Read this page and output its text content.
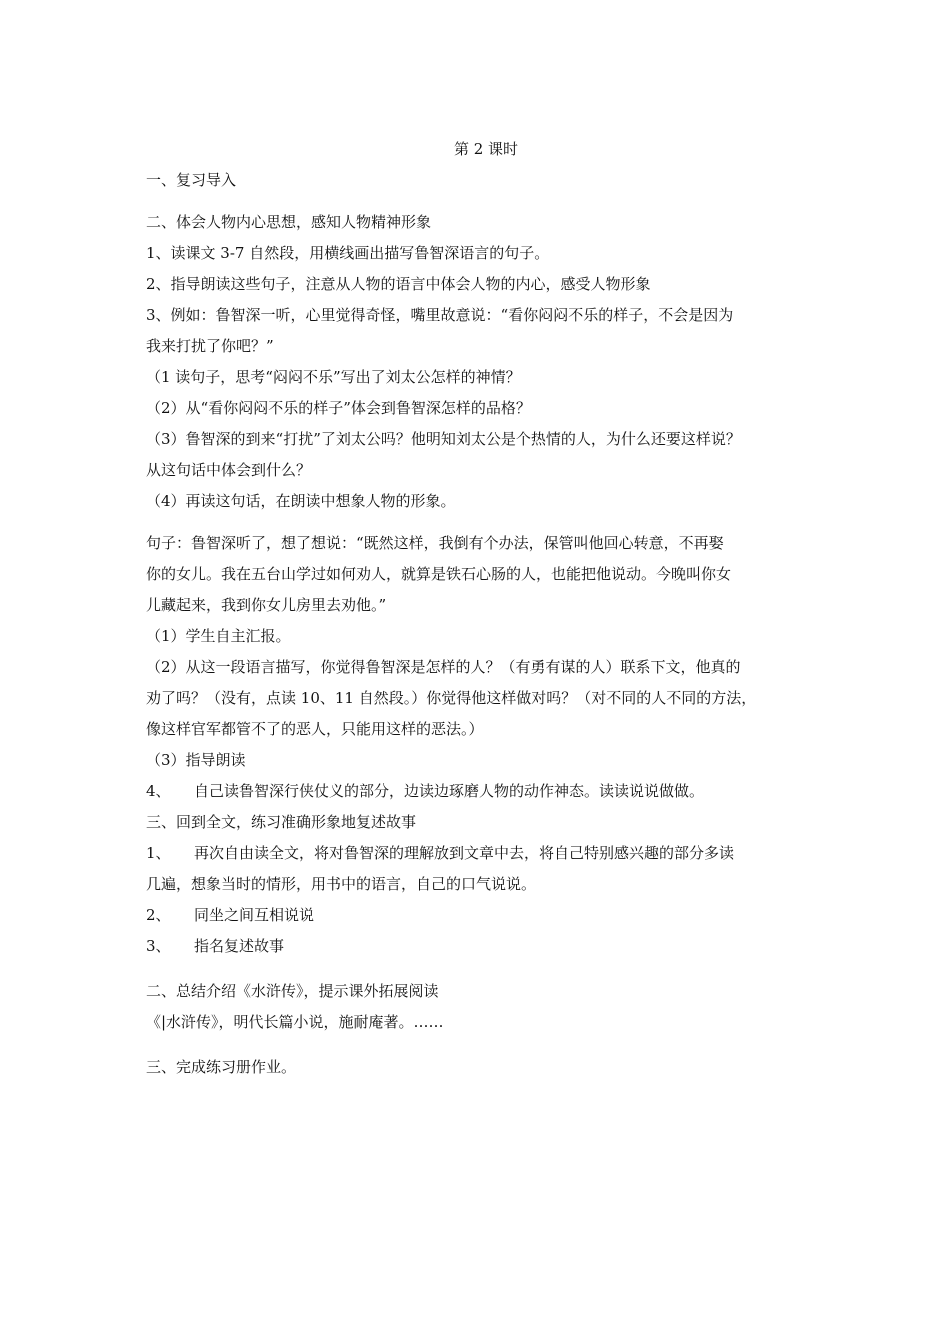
第 2 课时

一、复习导入

二、体会人物内心思想，感知人物精神形象

1、读课文 3-7 自然段，用横线画出描写鲁智深语言的句子。

2、指导朗读这些句子，注意从人物的语言中体会人物的内心，感受人物形象

3、例如：鲁智深一听，心里觉得奇怪，嘴里故意说：“看你闷闷不乐的样子，不会是因为

我来打扰了你吧？”

（1 读句子，思考“闷闷不乐”写出了刘太公怎样的神情？

（2）从“看你闷闷不乐的样子”体会到鲁智深怎样的品格？

（3）鲁智深的到来“打扰”了刘太公吗？他明知刘太公是个热情的人，为什么还要这样说？

从这句话中体会到什么？

（4）再读这句话，在朗读中想象人物的形象。

句子：鲁智深听了，想了想说：“既然这样，我倒有个办法，保管叫他回心转意，不再娶

你的女儿。我在五台山学过如何劝人，就算是铁石心肠的人，也能把他说动。今晚叫你女

儿藏起来，我到你女儿房里去劝他。”

（1）学生自主汇报。

（2）从这一段语言描写，你觉得鲁智深是怎样的人？（有勇有谋的人）联系下文，他真的

劝了吗？（没有，点读 10、11 自然段。）你觉得他这样做对吗？（对不同的人不同的方法，

像这样官军都管不了的恶人，只能用这样的恶法。）

（3）指导朗读

4、 自己读鲁智深行侠仗义的部分，边读边琢磨人物的动作神态。读读说说做做。

三、回到全文，练习准确形象地复述故事

1、 再次自由读全文，将对鲁智深的理解放到文章中去，将自己特别感兴趣的部分多读

几遍，想象当时的情形，用书中的语言，自己的口气说说。

2、 同坐之间互相说说

3、 指名复述故事

二、总结介绍《水浒传》，提示课外拓展阅读

《|水浒传》，明代长篇小说，施耐庵著。……

三、完成练习册作业。
